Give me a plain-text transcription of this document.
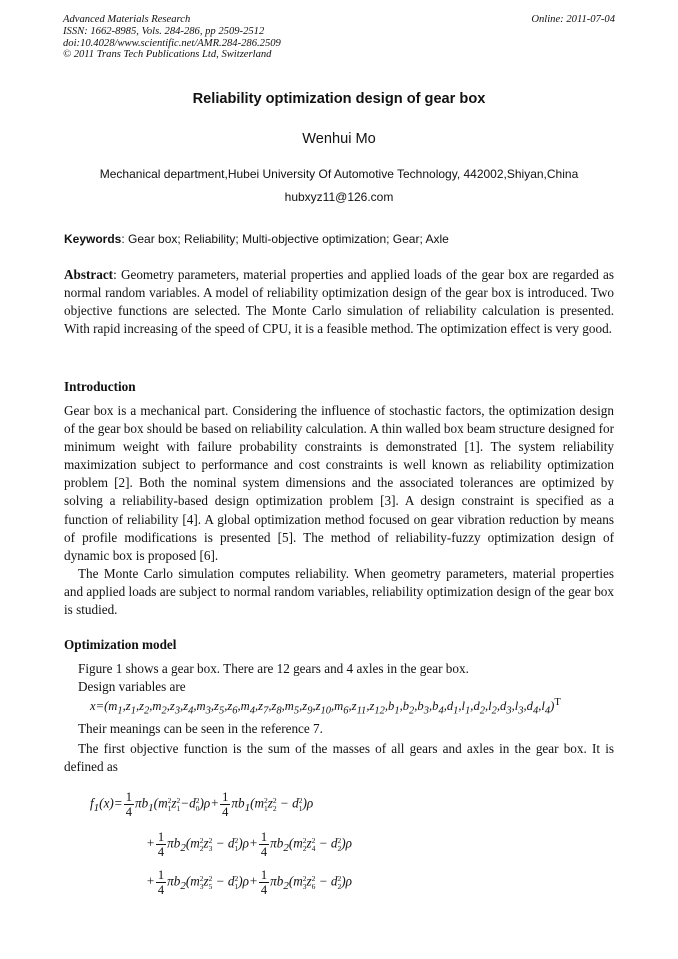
Advanced Materials Research
ISSN: 1662-8985, Vols. 284-286, pp 2509-2512
doi:10.4028/www.scientific.net/AMR.284-286.2509
© 2011 Trans Tech Publications Ltd, Switzerland
Online: 2011-07-04
Reliability optimization design of gear box
Wenhui Mo
Mechanical department,Hubei University Of Automotive Technology, 442002,Shiyan,China
hubxyz11@126.com
Keywords: Gear box; Reliability; Multi-objective optimization; Gear; Axle
Abstract: Geometry parameters, material properties and applied loads of the gear box are regarded as normal random variables. A model of reliability optimization design of the gear box is introduced. Two objective functions are selected. The Monte Carlo simulation of reliability calculation is presented. With rapid increasing of the speed of CPU, it is a feasible method. The optimization effect is very good.
Introduction
Gear box is a mechanical part. Considering the influence of stochastic factors, the optimization design of the gear box should be based on reliability calculation. A thin walled box beam structure designed for minimum weight with failure probability constraints is demonstrated [1]. The system reliability maximization subject to performance and cost constraints is well known as reliability optimization problem [2]. Both the nominal system dimensions and the associated tolerances are optimized by solving a reliability-based design optimization problem [3]. A design constraint is specified as a function of reliability [4]. A global optimization method focused on gear vibration reduction by means of profile modifications is presented [5]. The method of reliability-fuzzy optimization design of dynamic box is proposed [6].
The Monte Carlo simulation computes reliability. When geometry parameters, material properties and applied loads are subject to normal random variables, reliability optimization design of the gear box is studied.
Optimization model
Figure 1 shows a gear box. There are 12 gears and 4 axles in the gear box.
Design variables are
$x=(m_1,z_1,z_2,m_2,z_3,z_4,m_3,z_5,z_6,m_4,z_7,z_8,m_5,z_9,z_{10},m_6,z_{11},z_{12},b_1,b_2,b_3,b_4,d_1,l_1,d_2,l_2,d_3,l_3,d_4,l_4)^T$
Their meanings can be seen in the reference 7.
The first objective function is the sum of the masses of all gears and axles in the gear box. It is defined as
$f_1(x)= \frac{1}{4} \pi b_1(m$ 2
1 z 2
1 −d 2
0 )$\rho+ \frac{1}{4} \pi b_1(m$ 2
1 z 2
2 − d 2
1 )ρ
+ $\frac{1}{4} \pi b_2(m$ 2
2 z 2
3 − d 2
1 )$\rho+ \frac{1}{4} \pi b_2(m$ 2
2 z 2
4 − d 2
2 )ρ
+ $\frac{1}{4} \pi b_2(m$ 2
3 z 2
5 − d 2
1 )$\rho+ \frac{1}{4} \pi b_2(m$ 2
3 z 2
6 − d 2
2 )ρ
